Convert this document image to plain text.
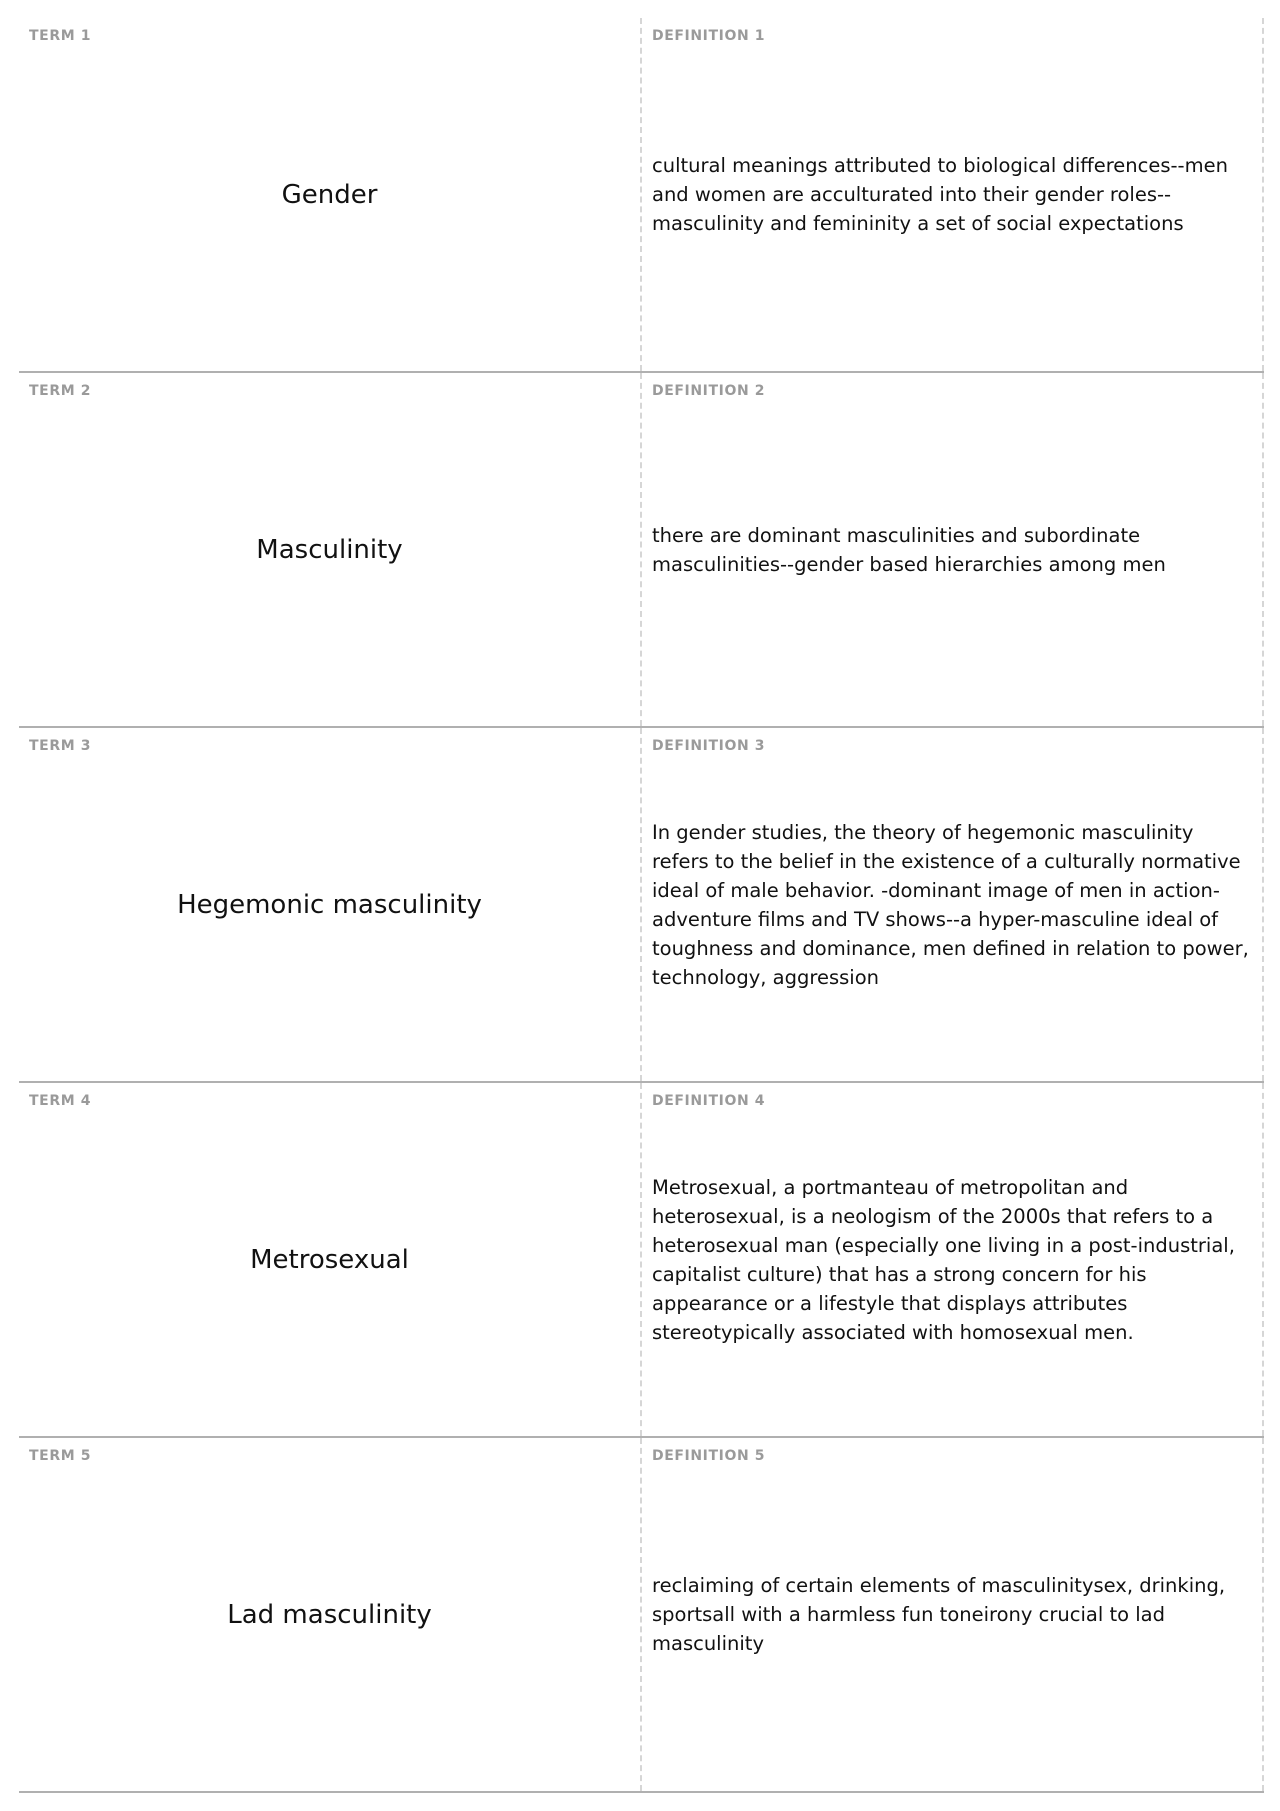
TERM 1
Gender
DEFINITION 1
cultural meanings attributed to biological differences--men and women are acculturated into their gender roles--masculinity and femininity a set of social expectations
TERM 2
Masculinity
DEFINITION 2
there are dominant masculinities and subordinate masculinities--gender based hierarchies among men
TERM 3
Hegemonic masculinity
DEFINITION 3
In gender studies, the theory of hegemonic masculinity refers to the belief in the existence of a culturally normative ideal of male behavior. -dominant image of men in action-adventure films and TV shows--a hyper-masculine ideal of toughness and dominance, men defined in relation to power, technology, aggression
TERM 4
Metrosexual
DEFINITION 4
Metrosexual, a portmanteau of metropolitan and heterosexual, is a neologism of the 2000s that refers to a heterosexual man (especially one living in a post-industrial, capitalist culture) that has a strong concern for his appearance or a lifestyle that displays attributes stereotypically associated with homosexual men.
TERM 5
Lad masculinity
DEFINITION 5
reclaiming of certain elements of masculinitysex, drinking, sportsall with a harmless fun toneirony crucial to lad masculinity
